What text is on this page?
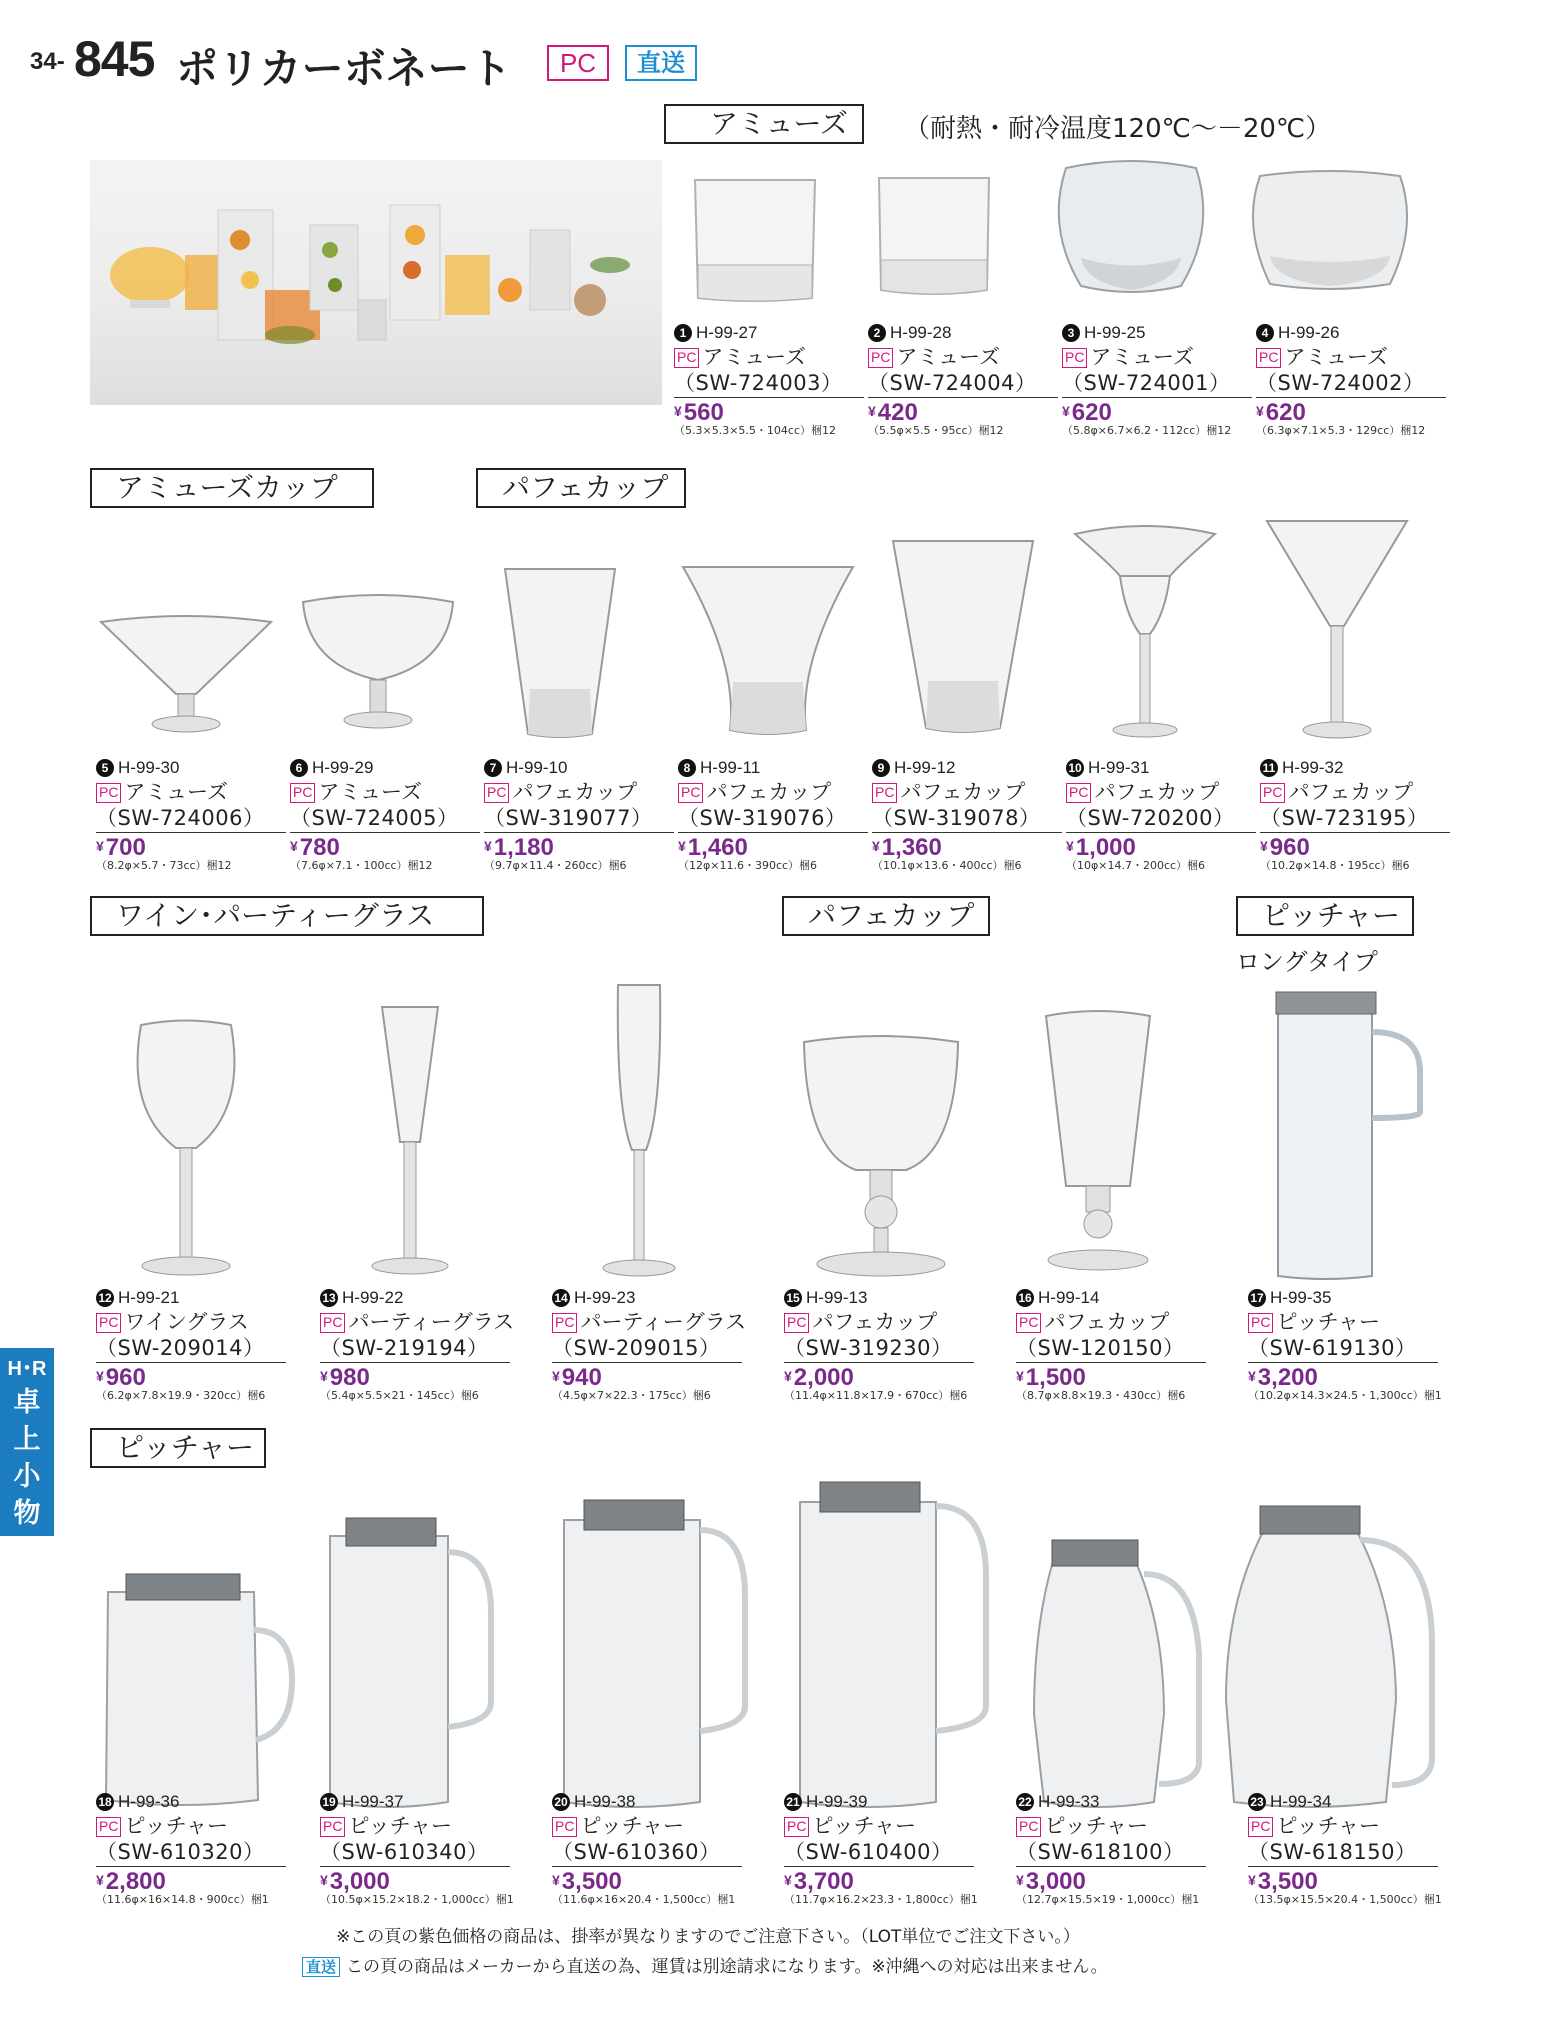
34- 845 ポリカーボネート	PC	直送
アミューズ	（耐熱・耐冷温度120℃～－20℃）
アミューズカップ	パフェカップ
ワイン･パーティーグラス	パフェカップ	ピッチャー
ロングタイプ
ピッチャー
1 H-99-27
PC アミューズ
（SW-724003）
¥560
（5.3×5.3×5.5・104cc）梱12
2 H-99-28
PC アミューズ
（SW-724004）
¥420
（5.5φ×5.5・95cc）梱12
3 H-99-25
PC アミューズ
（SW-724001）
¥620
（5.8φ×6.7×6.2・112cc）梱12
4 H-99-26
PC アミューズ
（SW-724002）
¥620
（6.3φ×7.1×5.3・129cc）梱12
5 H-99-30
PC アミューズ
（SW-724006）
¥700
（8.2φ×5.7・73cc）梱12
6 H-99-29
PC アミューズ
（SW-724005）
¥780
（7.6φ×7.1・100cc）梱12
7 H-99-10
PC パフェカップ
（SW-319077）
¥1,180
（9.7φ×11.4・260cc）梱6
8 H-99-11
PC パフェカップ
（SW-319076）
¥1,460
（12φ×11.6・390cc）梱6
9 H-99-12
PC パフェカップ
（SW-319078）
¥1,360
（10.1φ×13.6・400cc）梱6
10 H-99-31
PC パフェカップ
（SW-720200）
¥1,000
（10φ×14.7・200cc）梱6
11 H-99-32
PC パフェカップ
（SW-723195）
¥960
（10.2φ×14.8・195cc）梱6
12 H-99-21
PC ワイングラス
（SW-209014）
¥960
（6.2φ×7.8×19.9・320cc）梱6
13 H-99-22
PC パーティーグラス
（SW-219194）
¥980
（5.4φ×5.5×21・145cc）梱6
14 H-99-23
PC パーティーグラス
（SW-209015）
¥940
（4.5φ×7×22.3・175cc）梱6
15 H-99-13
PC パフェカップ
（SW-319230）
¥2,000
（11.4φ×11.8×17.9・670cc）梱6
16 H-99-14
PC パフェカップ
（SW-120150）
¥1,500
（8.7φ×8.8×19.3・430cc）梱6
17 H-99-35
PC ピッチャー
（SW-619130）
¥3,200
（10.2φ×14.3×24.5・1,300cc）梱1
18 H-99-36
PC ピッチャー
（SW-610320）
¥2,800
（11.6φ×16×14.8・900cc）梱1
19 H-99-37
PC ピッチャー
（SW-610340）
¥3,000
（10.5φ×15.2×18.2・1,000cc）梱1
20 H-99-38
PC ピッチャー
（SW-610360）
¥3,500
（11.6φ×16×20.4・1,500cc）梱1
21 H-99-39
PC ピッチャー
（SW-610400）
¥3,700
（11.7φ×16.2×23.3・1,800cc）梱1
22 H-99-33
PC ピッチャー
（SW-618100）
¥3,000
（12.7φ×15.5×19・1,000cc）梱1
23 H-99-34
PC ピッチャー
（SW-618150）
¥3,500
（13.5φ×15.5×20.4・1,500cc）梱1
H･R
卓上小物
※この頁の紫色価格の商品は、掛率が異なりますのでご注意下さい。（LOT単位でご注文下さい。）
直送 この頁の商品はメーカーから直送の為、運賃は別途請求になります。※沖縄への対応は出来ません。
